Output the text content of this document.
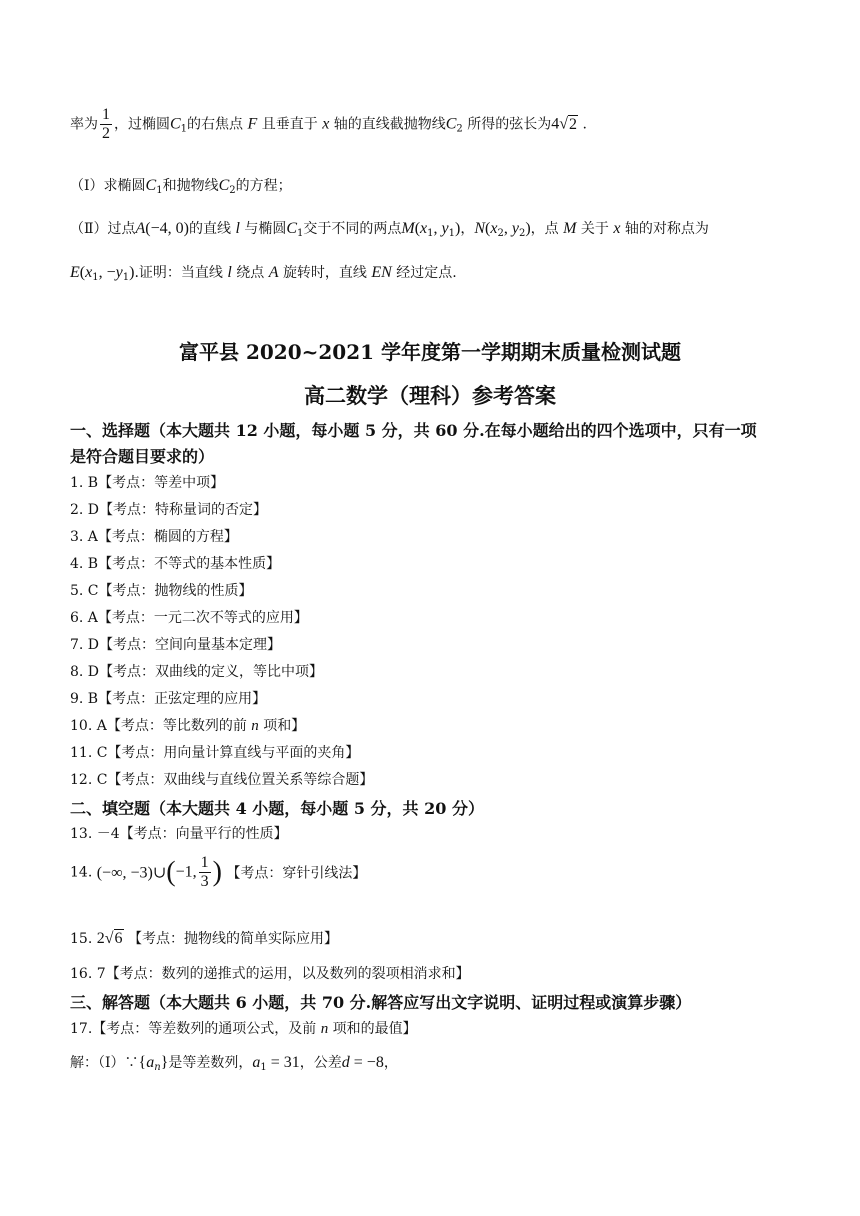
率为 $\frac{1}{2}$ ，过椭圆$C_1$的右焦点 F 且垂直于 x 轴的直线截抛物线$C_2$ 所得的弦长为4√2 .
（Ⅰ）求椭圆$C_1$和抛物线$C_2$的方程；
（Ⅱ）过点A(−4, 0)的直线 l 与椭圆$C_1$交于不同的两点$M(x_1$, $y_1$)，$N(x_2$, $y_2$)，点 M 关于 x 轴的对称点为
$E(x_1$, $-y_1$).证明：当直线 l 绕点 A 旋转时，直线 EN 经过定点.
富平县 2020~2021 学年度第一学期期末质量检测试题
高二数学（理科）参考答案
一、选择题（本大题共 12 小题，每小题 5 分，共 60 分.在每小题给出的四个选项中，只有一项
是符合题目要求的）
1. B【考点：等差中项】
2. D【考点：特称量词的否定】
3. A【考点：椭圆的方程】
4. B【考点：不等式的基本性质】
5. C【考点：抛物线的性质】
6. A【考点：一元二次不等式的应用】
7. D【考点：空间向量基本定理】
8. D【考点：双曲线的定义，等比中项】
9. B【考点：正弦定理的应用】
10. A【考点：等比数列的前 n 项和】
11. C【考点：用向量计算直线与平面的夹角】
12. C【考点：双曲线与直线位置关系等综合题】
二、填空题（本大题共 4 小题，每小题 5 分，共 20 分）
13. －4【考点：向量平行的性质】
14. (−∞, −3)∪(−1, $\frac{1}{3}$ ) 【考点：穿针引线法】
15. 2√6 【考点：抛物线的简单实际应用】
16. 7【考点：数列的递推式的运用，以及数列的裂项相消求和】
三、解答题（本大题共 6 小题，共 70 分.解答应写出文字说明、证明过程或演算步骤）
17.【考点：等差数列的通项公式，及前 n 项和的最值】
解：$(Ⅰ)\because\{a_n\}$是等差数列，$a_1 = 31$，公差d = −8，
